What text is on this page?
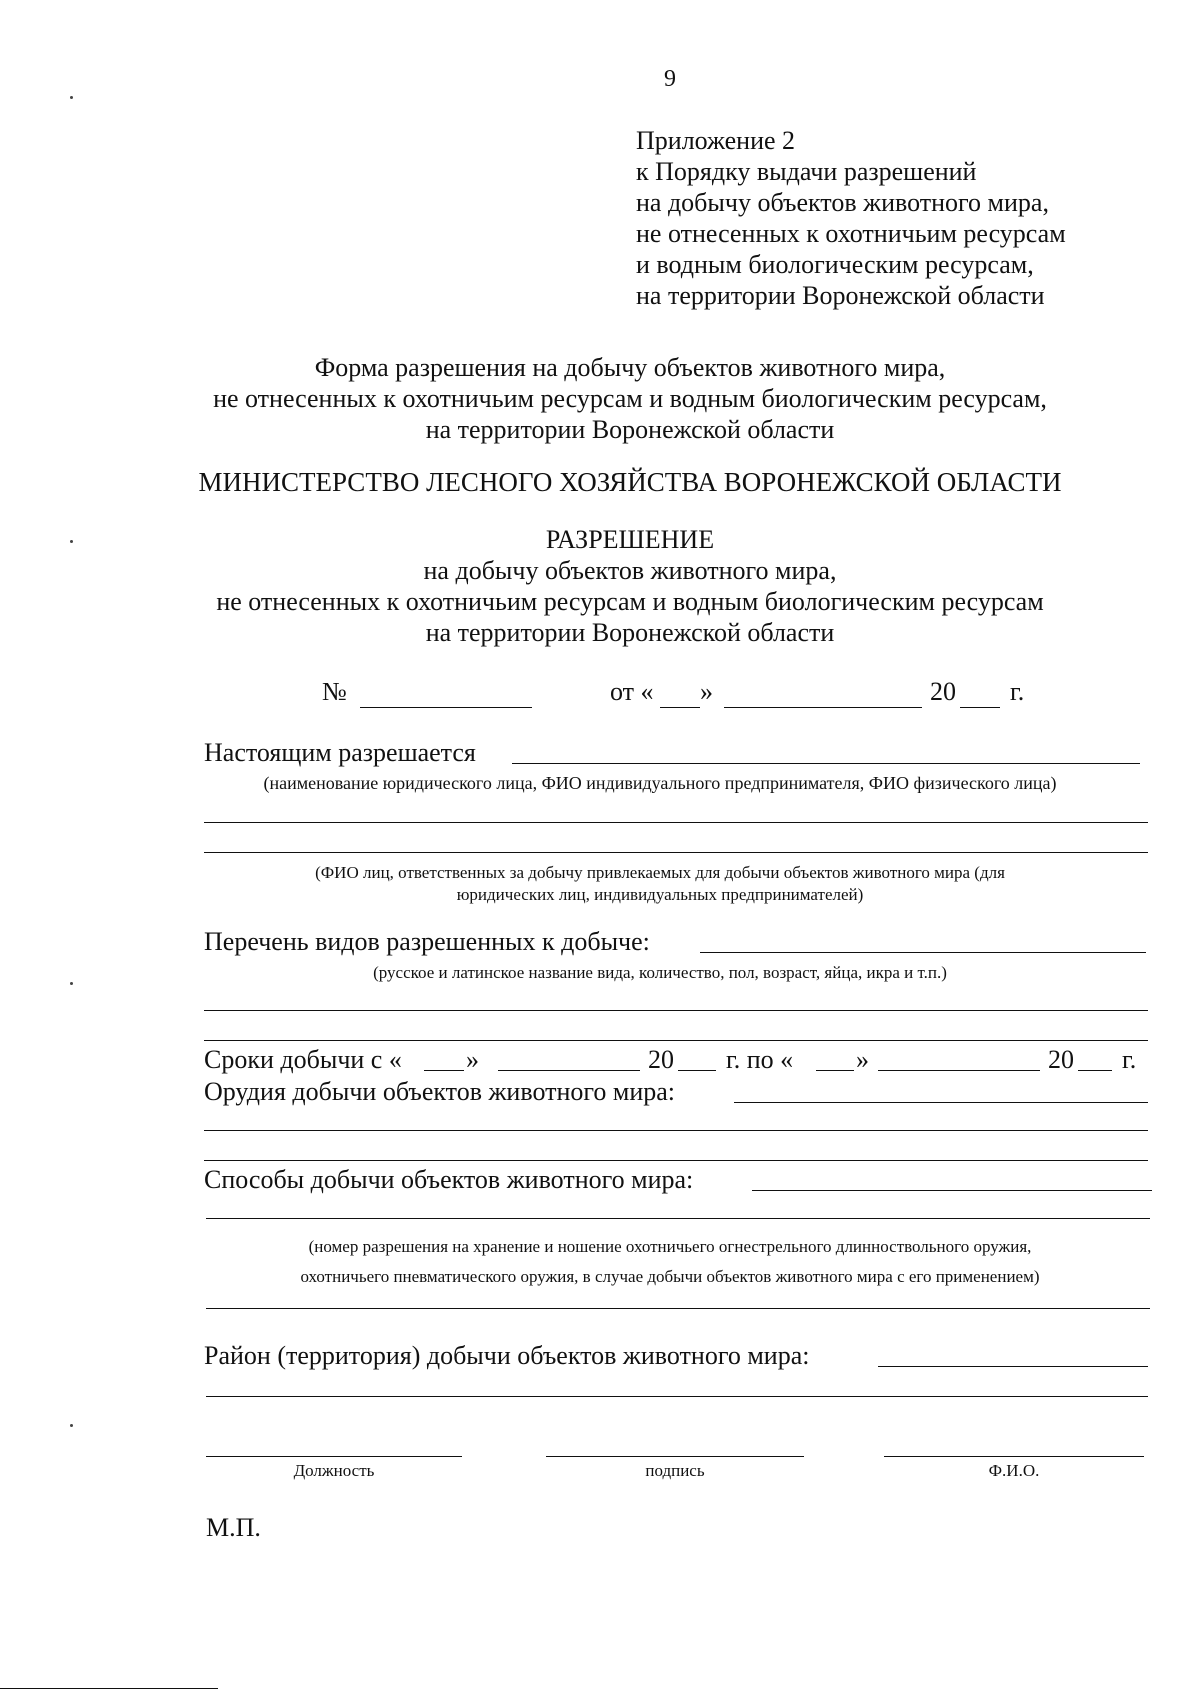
9
Приложение 2
к Порядку выдачи разрешений
на добычу объектов животного мира,
не отнесенных к охотничьим ресурсам
и водным биологическим ресурсам,
на территории Воронежской области
Форма разрешения на добычу объектов животного мира,
не отнесенных к охотничьим ресурсам и водным биологическим ресурсам,
на территории Воронежской области
МИНИСТЕРСТВО ЛЕСНОГО ХОЗЯЙСТВА ВОРОНЕЖСКОЙ ОБЛАСТИ
РАЗРЕШЕНИЕ
на добычу объектов животного мира,
не отнесенных к охотничьим ресурсам и водным биологическим ресурсам
на территории Воронежской области
№	от « »	20 г.
Настоящим разрешается
(наименование юридического лица, ФИО индивидуального предпринимателя, ФИО физического лица)
(ФИО лиц, ответственных за добычу привлекаемых для добычи объектов животного мира (для
юридических лиц, индивидуальных предпринимателей)
Перечень видов разрешенных к добыче:
(русское и латинское название вида, количество, пол, возраст, яйца, икра и т.п.)
Сроки добычи с « »	20 г. по « »	20 г.
Орудия добычи объектов животного мира:
Способы добычи объектов животного мира:
(номер разрешения на хранение и ношение охотничьего огнестрельного длинноствольного оружия,
охотничьего пневматического оружия, в случае добычи объектов животного мира с его применением)
Район (территория) добычи объектов животного мира:
Должность	подпись	Ф.И.О.
М.П.
